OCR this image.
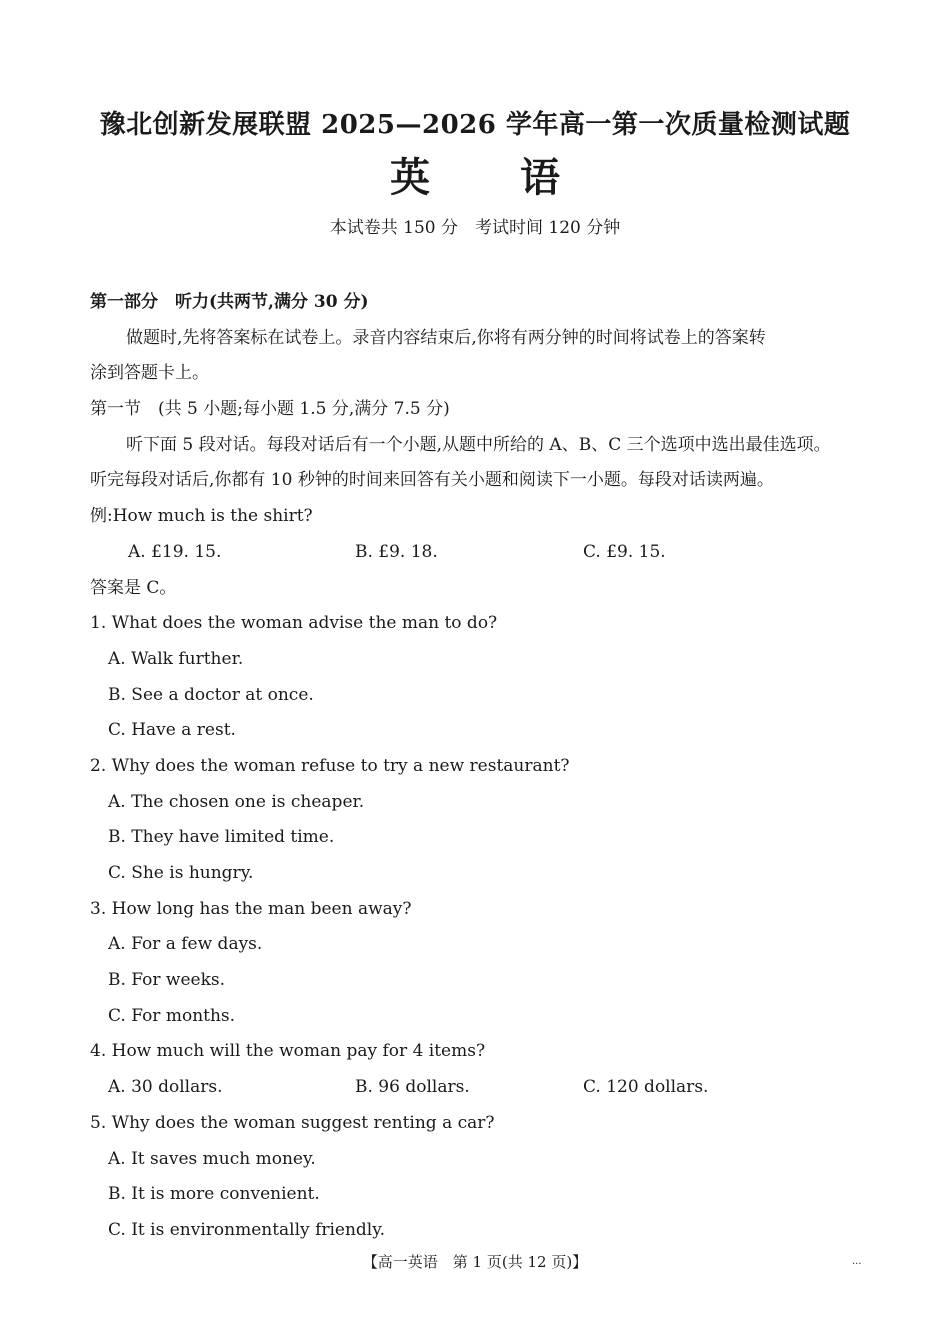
豫北创新发展联盟 2025—2026 学年高一第一次质量检测试题
英 语
本试卷共 150 分　考试时间 120 分钟
第一部分　听力(共两节,满分 30 分)
做题时,先将答案标在试卷上。录音内容结束后,你将有两分钟的时间将试卷上的答案转
涂到答题卡上。
第一节　(共 5 小题;每小题 1.5 分,满分 7.5 分)
听下面 5 段对话。每段对话后有一个小题,从题中所给的 A、B、C 三个选项中选出最佳选项。
听完每段对话后,你都有 10 秒钟的时间来回答有关小题和阅读下一小题。每段对话读两遍。
例:How much is the shirt?
A. £19. 15.	B. £9. 18.	C. £9. 15.
答案是 C。
1. What does the woman advise the man to do?
A. Walk further.
B. See a doctor at once.
C. Have a rest.
2. Why does the woman refuse to try a new restaurant?
A. The chosen one is cheaper.
B. They have limited time.
C. She is hungry.
3. How long has the man been away?
A. For a few days.
B. For weeks.
C. For months.
4. How much will the woman pay for 4 items?
A. 30 dollars.	B. 96 dollars.	C. 120 dollars.
5. Why does the woman suggest renting a car?
A. It saves much money.
B. It is more convenient.
C. It is environmentally friendly.
【高一英语　第 1 页(共 12 页)】	...
